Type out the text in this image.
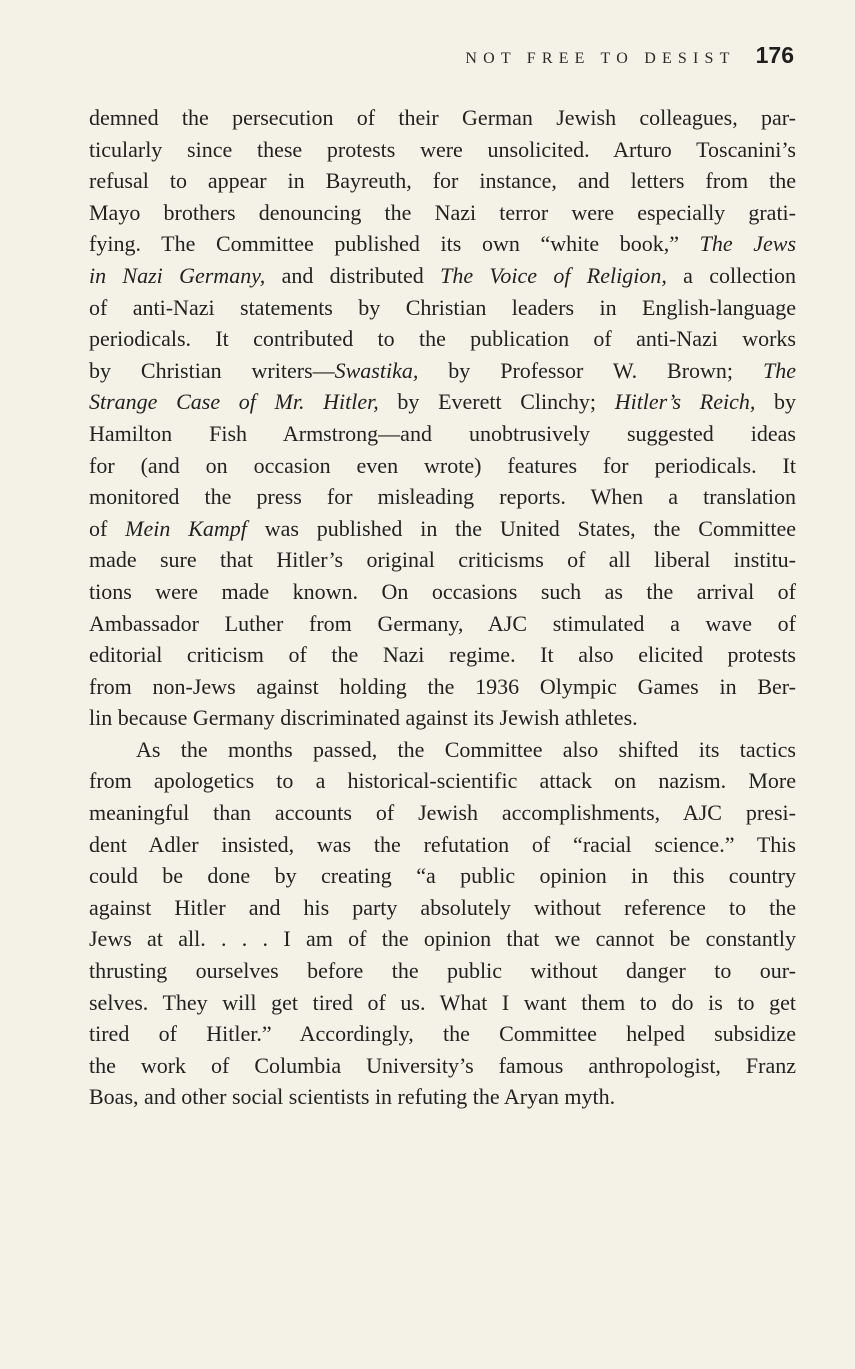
NOT FREE TO DESIST 176
demned the persecution of their German Jewish colleagues, par-
ticularly since these protests were unsolicited. Arturo Toscanini’s
refusal to appear in Bayreuth, for instance, and letters from the
Mayo brothers denouncing the Nazi terror were especially grati-
fying. The Committee published its own “white book,” The Jews
in Nazi Germany, and distributed The Voice of Religion, a collection
of anti-Nazi statements by Christian leaders in English-language
periodicals. It contributed to the publication of anti-Nazi works
by Christian writers—Swastika, by Professor W. Brown; The
Strange Case of Mr. Hitler, by Everett Clinchy; Hitler’s Reich, by
Hamilton Fish Armstrong—and unobtrusively suggested ideas
for (and on occasion even wrote) features for periodicals. It
monitored the press for misleading reports. When a translation
of Mein Kampf was published in the United States, the Committee
made sure that Hitler’s original criticisms of all liberal institu-
tions were made known. On occasions such as the arrival of
Ambassador Luther from Germany, AJC stimulated a wave of
editorial criticism of the Nazi regime. It also elicited protests
from non-Jews against holding the 1936 Olympic Games in Ber-
lin because Germany discriminated against its Jewish athletes.
As the months passed, the Committee also shifted its tactics
from apologetics to a historical-scientific attack on nazism. More
meaningful than accounts of Jewish accomplishments, AJC presi-
dent Adler insisted, was the refutation of “racial science.” This
could be done by creating “a public opinion in this country
against Hitler and his party absolutely without reference to the
Jews at all. . . . I am of the opinion that we cannot be constantly
thrusting ourselves before the public without danger to our-
selves. They will get tired of us. What I want them to do is to get
tired of Hitler.” Accordingly, the Committee helped subsidize
the work of Columbia University’s famous anthropologist, Franz
Boas, and other social scientists in refuting the Aryan myth.
